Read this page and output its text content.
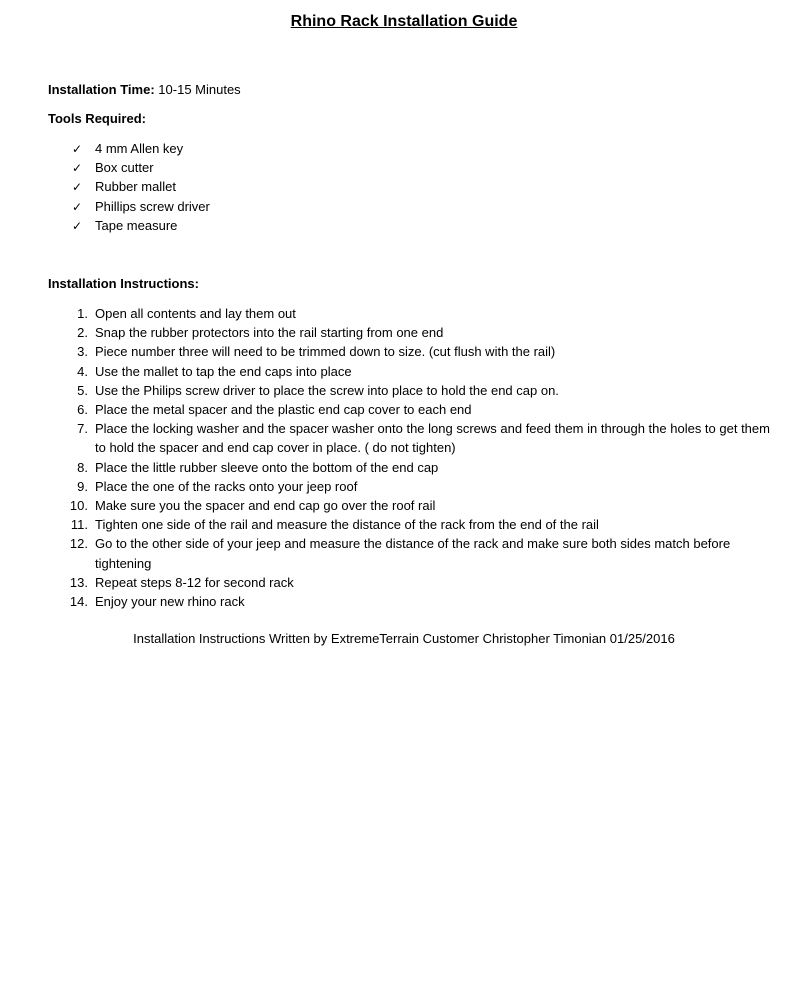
Rhino Rack Installation Guide
Installation Time: 10-15 Minutes
Tools Required:
✓ 4 mm Allen key
✓ Box cutter
✓ Rubber mallet
✓ Phillips screw driver
✓ Tape measure
Installation Instructions:
1. Open all contents and lay them out
2. Snap the rubber protectors into the rail starting from one end
3. Piece number three will need to be trimmed down to size. (cut flush with the rail)
4. Use the mallet to tap the end caps into place
5. Use the Philips screw driver to place the screw into place to hold the end cap on.
6. Place the metal spacer and the plastic end cap cover to each end
7. Place the locking washer and the spacer washer onto the long screws and feed them in through the holes to get them to hold the spacer and end cap cover in place. ( do not tighten)
8. Place the little rubber sleeve onto the bottom of the end cap
9. Place the one of the racks onto your jeep roof
10. Make sure you the spacer and end cap go over the roof rail
11. Tighten one side of the rail and measure the distance of the rack from the end of the rail
12. Go to the other side of your jeep and measure the distance of the rack and make sure both sides match before tightening
13. Repeat steps 8-12 for second rack
14. Enjoy your new rhino rack
Installation Instructions Written by ExtremeTerrain Customer Christopher Timonian 01/25/2016
